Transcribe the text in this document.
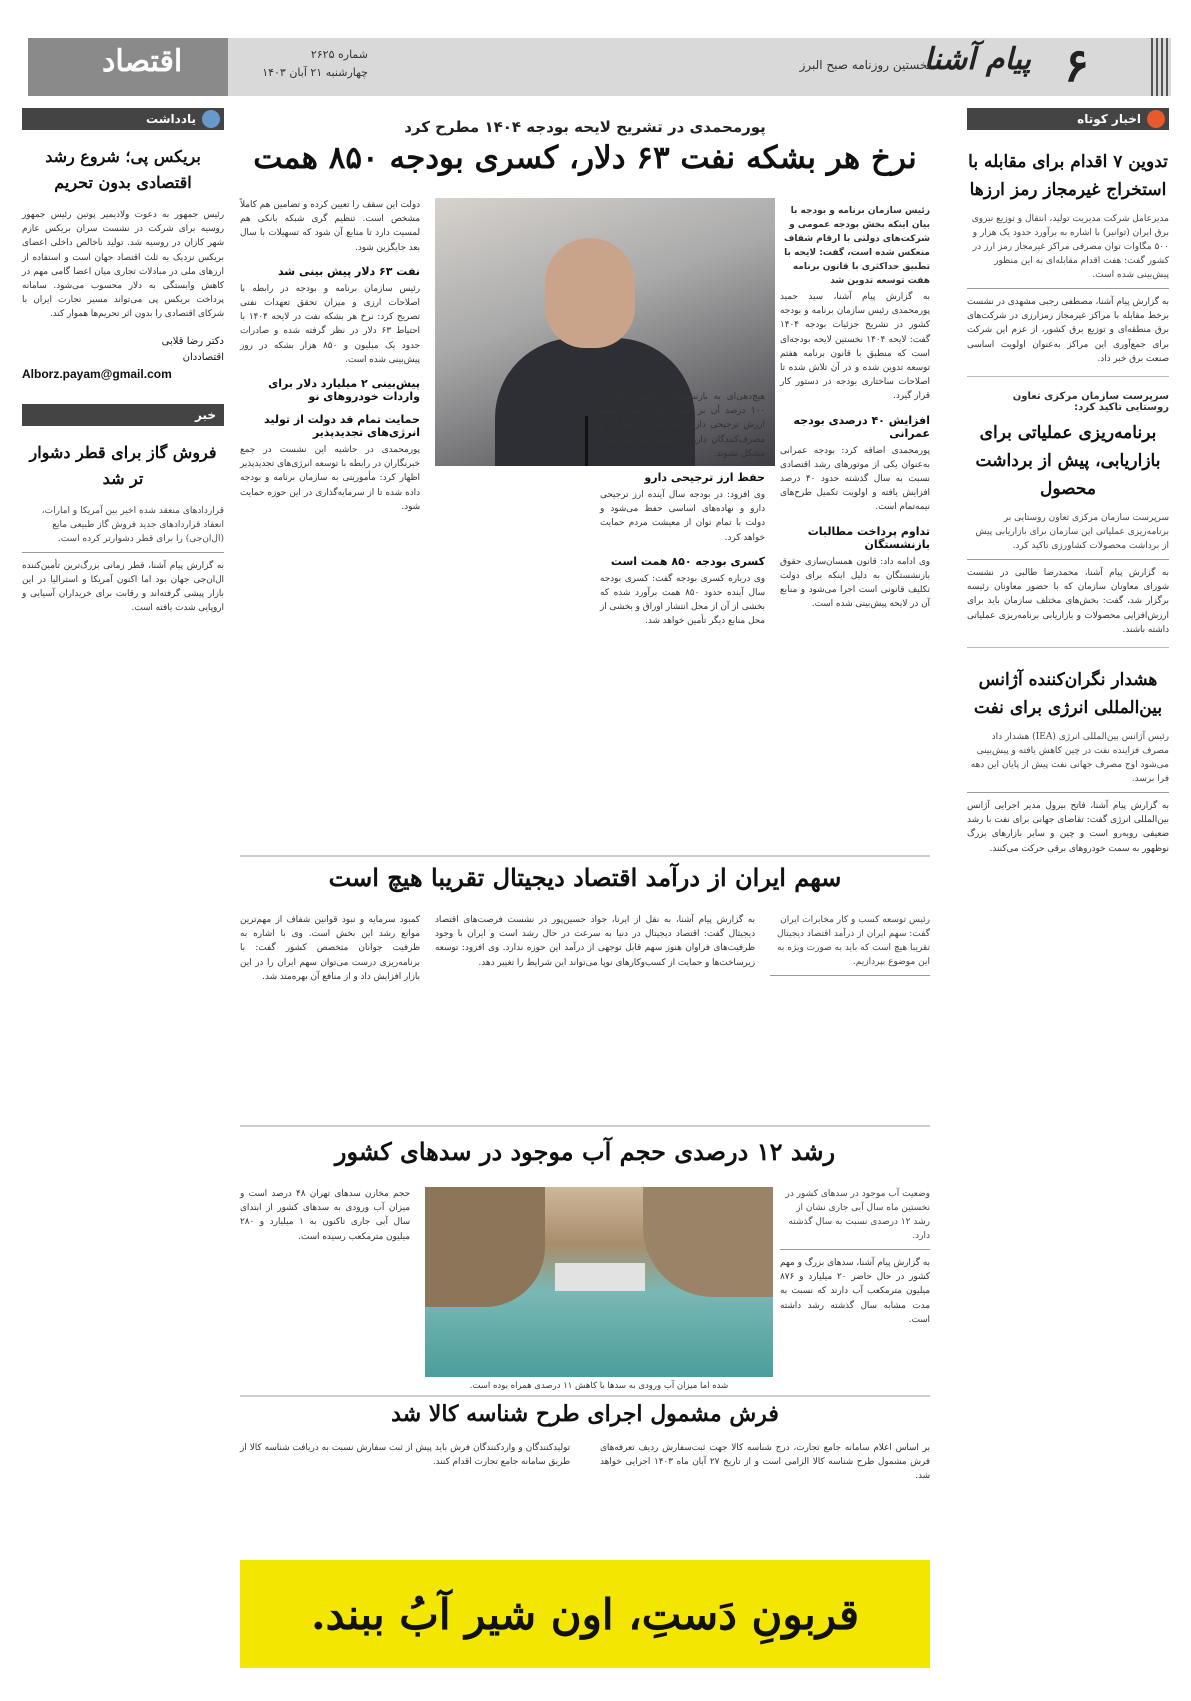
اقتصاد	شماره ۲۶۲۵
چهارشنبه ۲۱ آبان ۱۴۰۳	۶
پیام آشنا
نخستین روزنامه صبح البرز
اخبار کوتاه
تدوین ۷ اقدام برای مقابله با استخراج غیرمجاز رمز ارزها
مدیرعامل شرکت مدیریت تولید، انتقال و توزیع نیروی برق ایران (توانیر) با اشاره به برآورد حدود یک هزار و ۵۰۰ مگاوات توان مصرفی مراکز غیرمجاز رمز ارز در کشور گفت: هفت اقدام مقابله‌ای به این منظور پیش‌بینی شده است.
به گزارش پیام آشنا، مصطفی رجبی مشهدی در نشست برخط مقابله با مراکز غیرمجاز رمزارزی در شرکت‌های برق منطقه‌ای و توزیع برق کشور، از عزم این شرکت برای جمع‌آوری این مراکز به‌عنوان اولویت اساسی صنعت برق خبر داد.
سرپرست سازمان مرکزی تعاون روستایی تاکید کرد:
برنامه‌ریزی عملیاتی برای بازاریابی، پیش از برداشت محصول
سرپرست سازمان مرکزی تعاون روستایی بر برنامه‌ریزی عملیاتی این سازمان برای بازاریابی پیش از برداشت محصولات کشاورزی تاکید کرد.
به گزارش پیام آشنا، محمدرضا طالبی در نشست شورای معاونان سازمان که با حضور معاونان رئیسه برگزار شد، گفت: بخش‌های مختلف سازمان باید برای ارزش‌افزایی محصولات و بازاریابی برنامه‌ریزی عملیاتی داشته باشند.
هشدار نگران‌کننده آژانس بین‌المللی انرژی برای نفت
رئیس آژانس بین‌المللی انرژی (IEA) هشدار داد مصرف فزاینده نفت در چین کاهش یافته و پیش‌بینی می‌شود اوج مصرف جهانی نفت پیش از پایان این دهه فرا برسد.
به گزارش پیام آشنا، فاتح بیرول مدیر اجرایی آژانس بین‌المللی انرژی گفت: تقاضای جهانی برای نفت با رشد ضعیفی روبه‌رو است و چین و سایر بازارهای بزرگ نوظهور به سمت خودروهای برقی حرکت می‌کنند.
یادداشت
بریکس پی؛ شروع رشد اقتصادی بدون تحریم
رئیس جمهور به دعوت ولادیمیر پوتین رئیس جمهور روسیه برای شرکت در نشست سران بریکس عازم شهر کازان در روسیه شد. تولید ناخالص داخلی اعضای بریکس نزدیک به ثلث اقتصاد جهان است و استفاده از ارزهای ملی در مبادلات تجاری میان اعضا گامی مهم در کاهش وابستگی به دلار محسوب می‌شود. سامانه پرداخت بریکس پی می‌تواند مسیر تجارت ایران با شرکای اقتصادی را بدون اثر تحریم‌ها هموار کند.
دکتر رضا قلابی
اقتصاددان
Alborz.payam@gmail.com
خبر
فروش گاز برای قطر دشوار تر شد
قراردادهای منعقد شده اخیر بین آمریکا و امارات، انعقاد قراردادهای جدید فروش گاز طبیعی مایع (ال‌ان‌جی) را برای قطر دشوارتر کرده است.
به گزارش پیام آشنا، قطر زمانی بزرگ‌ترین تأمین‌کننده ال‌ان‌جی جهان بود اما اکنون آمریکا و استرالیا در این بازار پیشی گرفته‌اند و رقابت برای خریداران آسیایی و اروپایی شدت یافته است.
پورمحمدی در تشریح لایحه بودجه ۱۴۰۴ مطرح کرد
نرخ هر بشکه نفت ۶۳ دلار، کسری بودجه ۸۵۰ همت
رئیس سازمان برنامه و بودجه با بیان اینکه بخش بودجه عمومی و شرکت‌های دولتی با ارقام شفاف منعکس شده است، گفت: لایحه با تطبیق حداکثری با قانون برنامه هفت توسعه تدوین شد
به گزارش پیام آشنا، سید حمید پورمحمدی رئیس سازمان برنامه و بودجه کشور در تشریح جزئیات بودجه ۱۴۰۴ گفت: لایحه ۱۴۰۴ نخستین لایحه بودجه‌ای است که منطبق با قانون برنامه هفتم توسعه تدوین شده و در آن تلاش شده تا اصلاحات ساختاری بودجه در دستور کار قرار گیرد.
افزایش ۴۰ درصدی بودجه عمرانی
پورمحمدی اضافه کرد: بودجه عمرانی به‌عنوان یکی از موتورهای رشد اقتصادی نسبت به سال گذشته حدود ۴۰ درصد افزایش یافته و اولویت تکمیل طرح‌های نیمه‌تمام است.
تداوم پرداخت مطالبات بازنشستگان
وی ادامه داد: قانون همسان‌سازی حقوق بازنشستگان به دلیل اینکه برای دولت تکلیف قانونی است اجرا می‌شود و منابع آن در لایحه پیش‌بینی شده است.
هیچ‌دهی‌ای به بازنشستگان نداشته باشد و ۱۰۰ درصد آن بر عهده دولت باشد. حفظ ارزش ترجیحی دارو ادامه دارد تا بیماران و مصرف‌کنندگان دارو در تأمین نیاز خود دچار مشکل نشوند.
حفظ ارز ترجیحی دارو
وی افزود: در بودجه سال آینده ارز ترجیحی دارو و نهاده‌های اساسی حفظ می‌شود و دولت با تمام توان از معیشت مردم حمایت خواهد کرد.
کسری بودجه ۸۵۰ همت است
وی درباره کسری بودجه گفت: کسری بودجه سال آینده حدود ۸۵۰ همت برآورد شده که بخشی از آن از محل انتشار اوراق و بخشی از محل منابع دیگر تأمین خواهد شد.
دولت این سقف را تعیین کرده و تضامین هم کاملاً مشخص است. تنظیم گری شبکه بانکی هم لمسیت دارد تا منابع آن شود که تسهیلات با سال بعد جایگزین شود.
نفت ۶۳ دلار پیش بینی شد
رئیس سازمان برنامه و بودجه در رابطه با اصلاحات ارزی و میزان تحقق تعهدات نفتی تصریح کرد: نرخ هر بشکه نفت در لایحه ۱۴۰۴ با احتیاط ۶۳ دلار در نظر گرفته شده و صادرات حدود یک میلیون و ۸۵۰ هزار بشکه در روز پیش‌بینی شده است.
پیش‌بینی ۲ میلیارد دلار برای واردات خودروهای نو
حمایت تمام قد دولت از تولید انرژی‌های تجدیدپذیر
پورمحمدی در حاشیه این نشست در جمع خبرنگاران در رابطه با توسعه انرژی‌های تجدیدپذیر اظهار کرد: مأموریتی به سازمان برنامه و بودجه داده شده تا از سرمایه‌گذاری در این حوزه حمایت شود.
سهم ایران از درآمد اقتصاد دیجیتال تقریبا هیچ است
رئیس توسعه کسب و کار مخابرات ایران گفت: سهم ایران از درآمد اقتصاد دیجیتال تقریبا هیچ است که باید به صورت ویژه به این موضوع بپردازیم.
به گزارش پیام آشنا، به نقل از ایرنا، جواد حسین‌پور در نشست فرصت‌های اقتصاد دیجیتال گفت: اقتصاد دیجیتال در دنیا به سرعت در حال رشد است و ایران با وجود ظرفیت‌های فراوان هنوز سهم قابل توجهی از درآمد این حوزه ندارد. وی افزود: توسعه زیرساخت‌ها و حمایت از کسب‌وکارهای نوپا می‌تواند این شرایط را تغییر دهد.
کمبود سرمایه و نبود قوانین شفاف از مهم‌ترین موانع رشد این بخش است. وی با اشاره به ظرفیت جوانان متخصص کشور گفت: با برنامه‌ریزی درست می‌توان سهم ایران را در این بازار افزایش داد و از منافع آن بهره‌مند شد.
رشد ۱۲ درصدی حجم آب موجود در سدهای کشور
شده اما میزان آب ورودی به سدها با کاهش ۱۱ درصدی همراه بوده است.
وضعیت آب موجود در سدهای کشور در نخستین ماه سال آبی جاری نشان از رشد ۱۲ درصدی نسبت به سال گذشته دارد.
به گزارش پیام آشنا، سدهای بزرگ و مهم کشور در حال حاضر ۲۰ میلیارد و ۸۷۶ میلیون مترمکعب آب دارند که نسبت به مدت مشابه سال گذشته رشد داشته است.
حجم مخازن سدهای تهران ۴۸ درصد است و میزان آب ورودی به سدهای کشور از ابتدای سال آبی جاری تاکنون به ۱ میلیارد و ۲۸۰ میلیون مترمکعب رسیده است.
فرش مشمول اجرای طرح شناسه کالا شد
بر اساس اعلام سامانه جامع تجارت، درج شناسه کالا جهت ثبت‌سفارش ردیف تعرفه‌های فرش مشمول طرح شناسه کالا الزامی است و از تاریخ ۲۷ آبان ماه ۱۴۰۳ اجرایی خواهد شد.
تولیدکنندگان و واردکنندگان فرش باید پیش از ثبت سفارش نسبت به دریافت شناسه کالا از طریق سامانه جامع تجارت اقدام کنند.
قربونِ دَستِ، اون شیر آبُ ببند.
